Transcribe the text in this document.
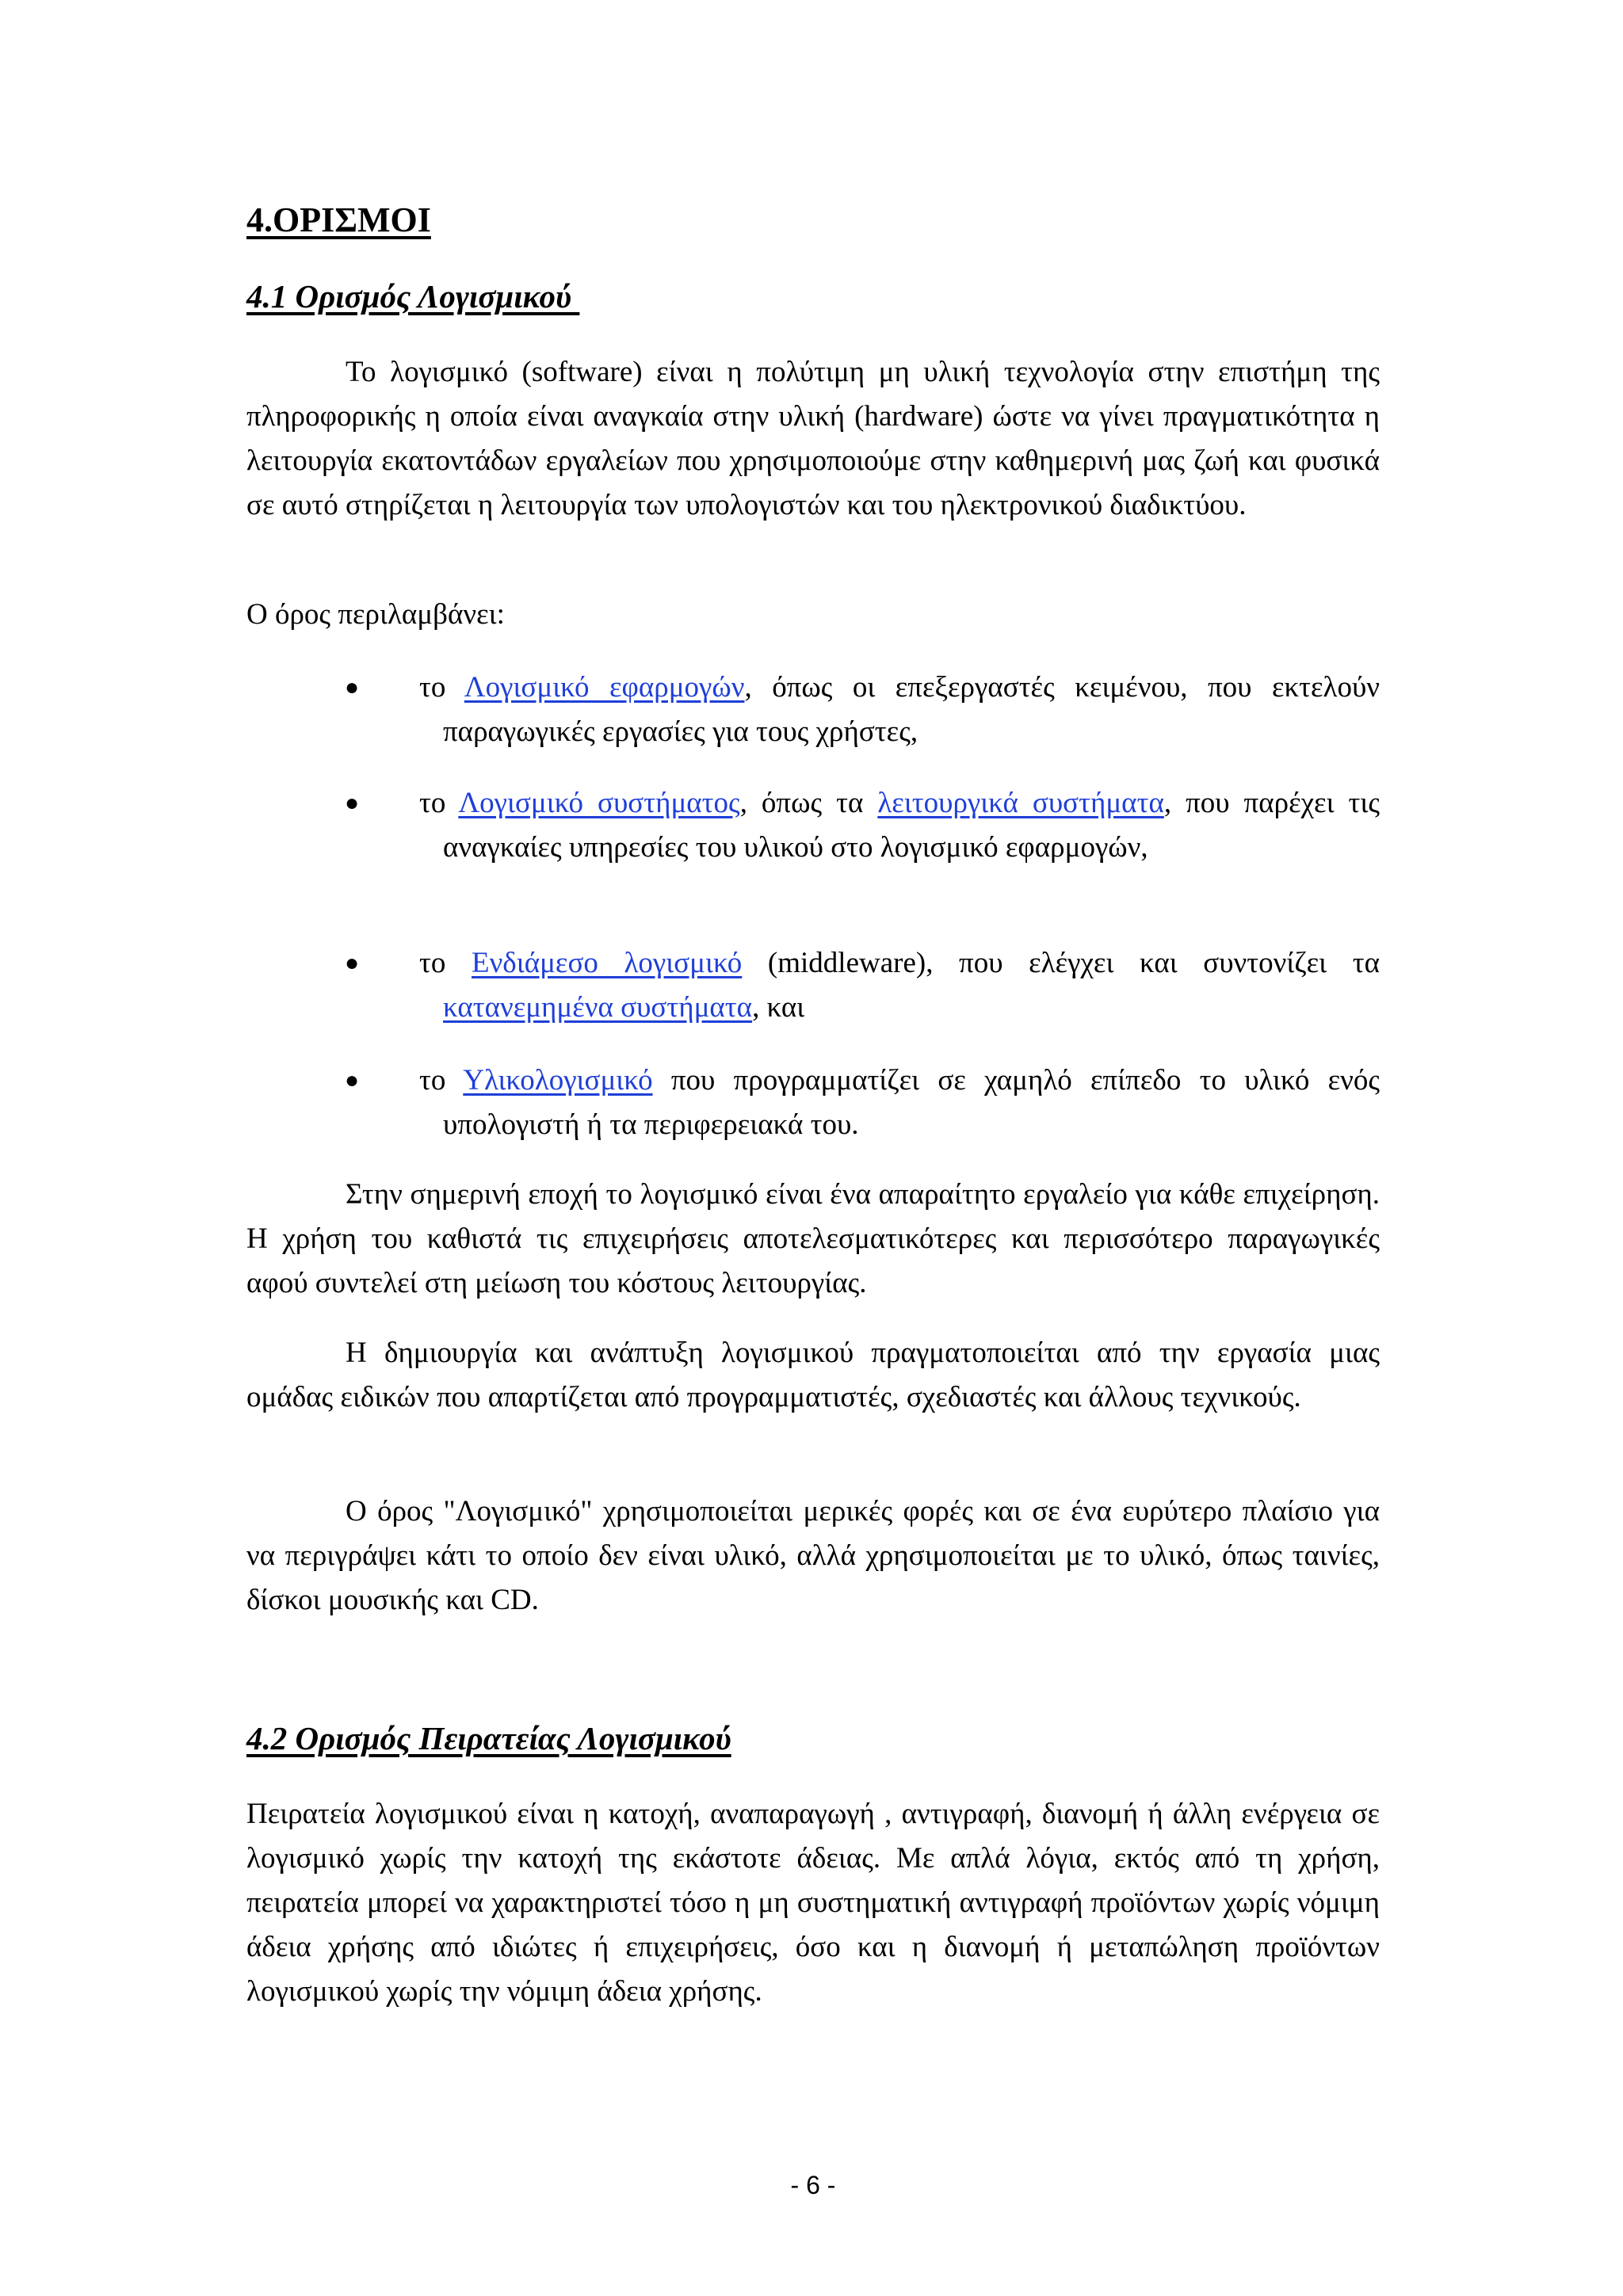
4.ΟΡΙΣΜΟΙ
4.1 Ορισμός Λογισμικού

Το λογισμικό (software) είναι η πολύτιμη μη υλική τεχνολογία στην επιστήμη της πληροφορικής η οποία είναι αναγκαία στην υλική (hardware) ώστε να γίνει πραγματικότητα η λειτουργία εκατοντάδων εργαλείων που χρησιμοποιούμε στην καθημερινή μας ζωή και φυσικά σε αυτό στηρίζεται η λειτουργία των υπολογιστών και του ηλεκτρονικού διαδικτύου.

Ο όρος περιλαμβάνει:

● το Λογισμικό εφαρμογών, όπως οι επεξεργαστές κειμένου, που εκτελούν παραγωγικές εργασίες για τους χρήστες,
● το Λογισμικό συστήματος, όπως τα λειτουργικά συστήματα, που παρέχει τις αναγκαίες υπηρεσίες του υλικού στο λογισμικό εφαρμογών,
● το Ενδιάμεσο λογισμικό (middleware), που ελέγχει και συντονίζει τα κατανεμημένα συστήματα, και
● το Υλικολογισμικό που προγραμματίζει σε χαμηλό επίπεδο το υλικό ενός υπολογιστή ή τα περιφερειακά του.

Στην σημερινή εποχή το λογισμικό είναι ένα απαραίτητο εργαλείο για κάθε επιχείρηση. Η χρήση του καθιστά τις επιχειρήσεις αποτελεσματικότερες και περισσότερο παραγωγικές αφού συντελεί στη μείωση του κόστους λειτουργίας.

Η δημιουργία και ανάπτυξη λογισμικού πραγματοποιείται από την εργασία μιας ομάδας ειδικών που απαρτίζεται από προγραμματιστές, σχεδιαστές και άλλους τεχνικούς.

Ο όρος "Λογισμικό" χρησιμοποιείται μερικές φορές και σε ένα ευρύτερο πλαίσιο για να περιγράψει κάτι το οποίο δεν είναι υλικό, αλλά χρησιμοποιείται με το υλικό, όπως ταινίες, δίσκοι μουσικής και CD.

4.2 Ορισμός Πειρατείας Λογισμικού

Πειρατεία λογισμικού είναι η κατοχή, αναπαραγωγή , αντιγραφή, διανομή ή άλλη ενέργεια σε λογισμικό χωρίς την κατοχή της εκάστοτε άδειας. Με απλά λόγια, εκτός από τη χρήση, πειρατεία μπορεί να χαρακτηριστεί τόσο η μη συστηματική αντιγραφή προϊόντων χωρίς νόμιμη άδεια χρήσης από ιδιώτες ή επιχειρήσεις, όσο και η διανομή ή μεταπώληση προϊόντων λογισμικού χωρίς την νόμιμη άδεια χρήσης.

- 6 -
